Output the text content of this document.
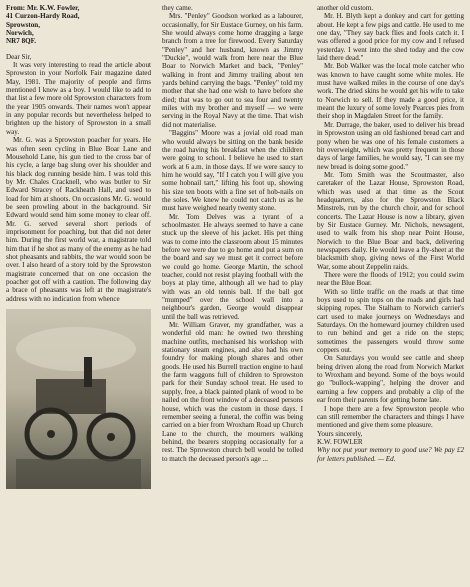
From: Mr. K.W. Fowler,
41 Curzon-Hardy Road,
Sprowston,
Norwich,
NR7 8QF.

Dear Sir,

It was very interesting to read the article about Sprowston in your Norfolk Fair magazine dated May, 1981. The majority of people and firms mentioned I knew as a boy. I would like to add to that list a few more old Sprowston characters from the year 1905 onwards. Their names won't appear in any popular records but nevertheless helped to brighten up the history of Sprowston in a small way.

Mr. G. was a Sprowston poacher for years. He was often seen cycling in Blue Boar Lane and Mousehold Lane, his gun tied to the cross bar of his cycle, a large bag slung over his shoulder and his black dog running beside him. I was told this by Mr. Chales Cracknell, who was butler to Sir Edward Stracey of Rackheath Hall, and used to load for him at shoots. On occasions Mr. G. would be seen prowling about in the background. Sir Edward would send him some money to clear off. Mr. G. served several short periods of imprisonment for poaching, but that did not deter him. During the first world war, a magistrate told him that if he shot as many of the enemy as he had shot pheasants and rabbits, the war would soon be over. I also heard of a story told by the Sprowston magistrate concerned that on one occasion the poacher got off with a caution. The following day a brace of pheasants was left at the magistrate's address with no indication from whence

they came.

Mrs. "Penley" Goodson worked as a labourer, occasionally, for Sir Eustace Gurney, on his farm. She would always come home dragging a large branch from a tree for firewood. Every Saturday "Penley" and her husband, known as Jimmy "Duckie", would walk from here near the Blue Boar to Norwich Market and back, "Penley" walking in front and Jimmy trailing about ten yards behind carrying the bags. "Penley" told my mother that she had one wish to have before she died; that was to go out to sea four and twenty miles with my brother and myself — we were serving in the Royal Navy at the time. That wish did not materialise.

"Baggins" Moore was a jovial old road man who would always be sitting on the bank beside the road having his breakfast when the children were going to school. I believe he used to start work at 6 a.m. in those days. If we were saucy to him he would say, "If I catch you I will give you some hobnail tart," lifting his foot up, showing his size ten boots with a fine set of hob-nails on the soles. We knew he could not catch us as he must have weighed nearly twenty stone.

Mr. Tom Delves was a tyrant of a schoolmaster. He always seemed to have a cane stuck up the sleeve of his jacket. His pet thing was to come into the classroom about 15 minutes before we were due to go home and put a sum on the board and say we must get it correct before we could go home. George Martin, the school teacher, could not resist playing football with the boys at play time, although all we had to play with was an old tennis ball. If the ball got "mumped" over the school wall into a neighbour's garden, George would disappear until the ball was retrieved.

Mr. William Graver, my grandfather, was a wonderful old man: he owned two threshing machine outfits, mechanised his workshop with stationary steam engines, and also had his own foundry for making plough shares and other goods. He used his Burrell traction engine to haul the farm waggons full of children to Sprowston park for their Sunday school treat. He used to supply, free, a black painted plank of wood to be nailed on the front window of a deceased persons house, which was the custom in those days. I remember seeing a funeral, the coffin was being carried on a bier from Wroxham Road up Church Lane to the church, the mourners walking behind, the bearers stopping occasionally for a rest. The Sprowston church bell would be tolled to match the deceased person's age ...

another old custom.

Mr. H. Blyth kept a donkey and cart for getting about. He kept a few pigs and cattle. He used to me one day, "They say back flies and fools catch it. I was offered a good price for my cow and I refused yesterday. I went into the shed today and the cow laid there dead."

Mr. Bob Walker was the local mole catcher who was known to have caught some white moles. He must have walked miles in the course of one day's work. The dried skins he would get his wife to take to Norwich to sell. If they made a good price, it meant the luxury of some lovely Pearces pies from their shop in Magdalen Street for the family.

Mr. Durrage, the baker, used to deliver his bread in Sprowston using an old fashioned bread cart and pony when he was one of his female customers a bit overweight, which was pretty frequent in those days of large families, he would say, "I can see my new bread is doing some good."

Mr. Tom Smith was the Scoutmaster, also caretaker of the Lazar House, Sprowston Road, which was used at that time as the Scout headquarters, also for the Sprowston Black Minstrels, run by the church choir, and for school concerts. The Lazar House is now a library, given by Sir Eustace Gurney. Mr. Nichols, newsagent, used to walk from his shop near Point House, Norwich to the Blue Boar and back, delivering newspapers daily. He would leave a fly-sheet at the blacksmith shop, giving news of the First World War, some about Zeppelin raids.

There were the floods of 1912; you could swim near the Blue Boar.

With so little traffic on the roads at that time boys used to spin tops on the roads and girls had skipping ropes. The Stalham to Norwich carrier's cart used to make journeys on Wednesdays and Saturdays. On the homeward journey children used to run behind and get a ride on the steps; sometimes the passengers would throw some coppers out.

On Saturdays you would see cattle and sheep being driven along the road from Norwich Market to Wroxham and beyond. Some of the boys would go "bullock-wapping", helping the drover and earning a few coppers and probably a clip of the ear from their parents for getting home late.

I hope there are a few Sprowston people who can still remember the characters and things I have mentioned and give them some pleasure.

Yours sincerely,

K.W. FOWLER

Why not put your memory to good use? We pay £2 for letters published. — Ed.
